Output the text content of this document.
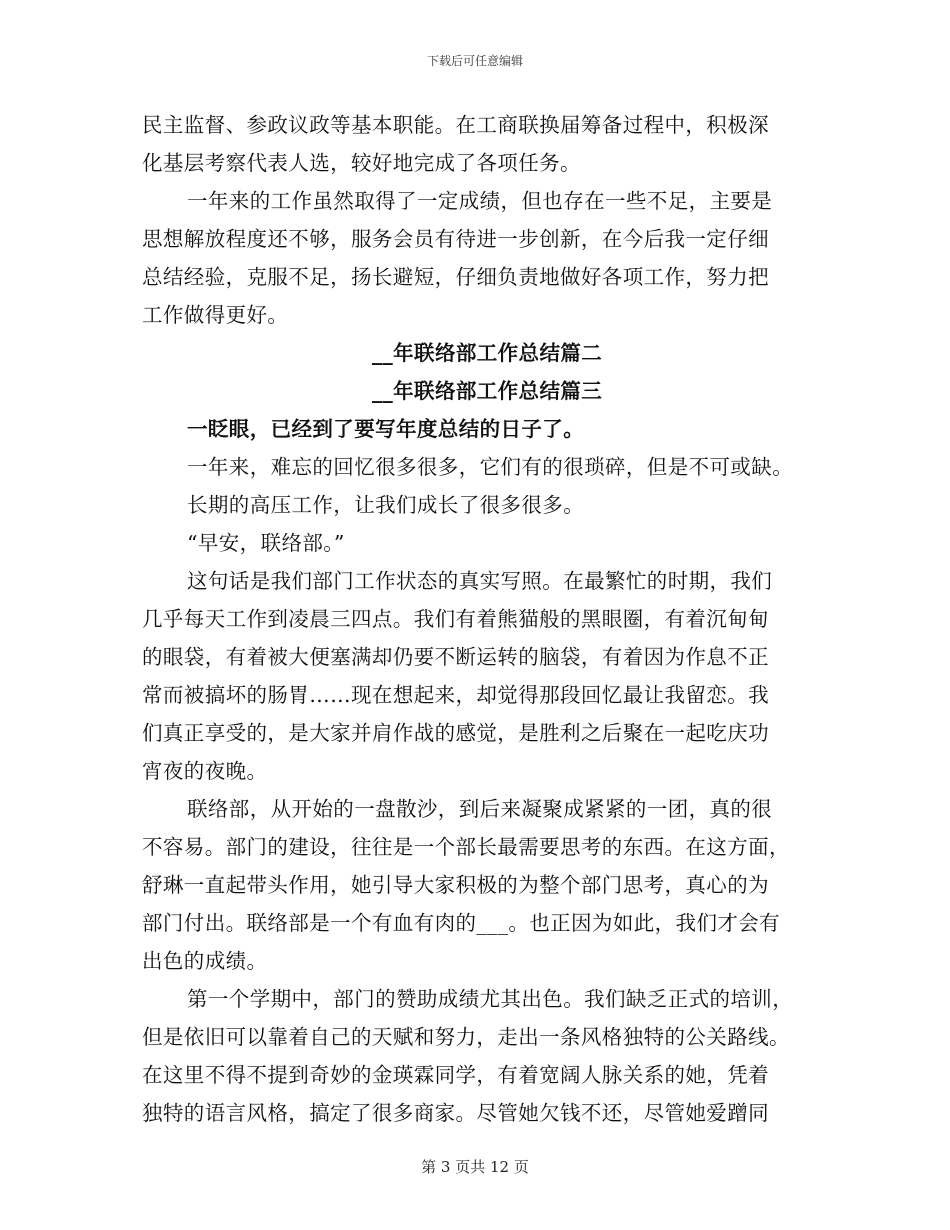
下载后可任意编辑
民主监督、参政议政等基本职能。在工商联换届筹备过程中，积极深
化基层考察代表人选，较好地完成了各项任务。
一年来的工作虽然取得了一定成绩，但也存在一些不足，主要是
思想解放程度还不够，服务会员有待进一步创新，在今后我一定仔细
总结经验，克服不足，扬长避短，仔细负责地做好各项工作，努力把
工作做得更好。
__年联络部工作总结篇二
__年联络部工作总结篇三
一眨眼，已经到了要写年度总结的日子了。
一年来，难忘的回忆很多很多，它们有的很琐碎，但是不可或缺。
长期的高压工作，让我们成长了很多很多。
“早安，联络部。”
这句话是我们部门工作状态的真实写照。在最繁忙的时期，我们
几乎每天工作到凌晨三四点。我们有着熊猫般的黑眼圈，有着沉甸甸
的眼袋，有着被大便塞满却仍要不断运转的脑袋，有着因为作息不正
常而被搞坏的肠胃……现在想起来，却觉得那段回忆最让我留恋。我
们真正享受的，是大家并肩作战的感觉，是胜利之后聚在一起吃庆功
宵夜的夜晚。
联络部，从开始的一盘散沙，到后来凝聚成紧紧的一团，真的很
不容易。部门的建设，往往是一个部长最需要思考的东西。在这方面，
舒琳一直起带头作用，她引导大家积极的为整个部门思考，真心的为
部门付出。联络部是一个有血有肉的___。也正因为如此，我们才会有
出色的成绩。
第一个学期中，部门的赞助成绩尤其出色。我们缺乏正式的培训，
但是依旧可以靠着自己的天赋和努力，走出一条风格独特的公关路线。
在这里不得不提到奇妙的金瑛霖同学，有着宽阔人脉关系的她，凭着
独特的语言风格，搞定了很多商家。尽管她欠钱不还，尽管她爱蹭同
第 3 页共 12 页
